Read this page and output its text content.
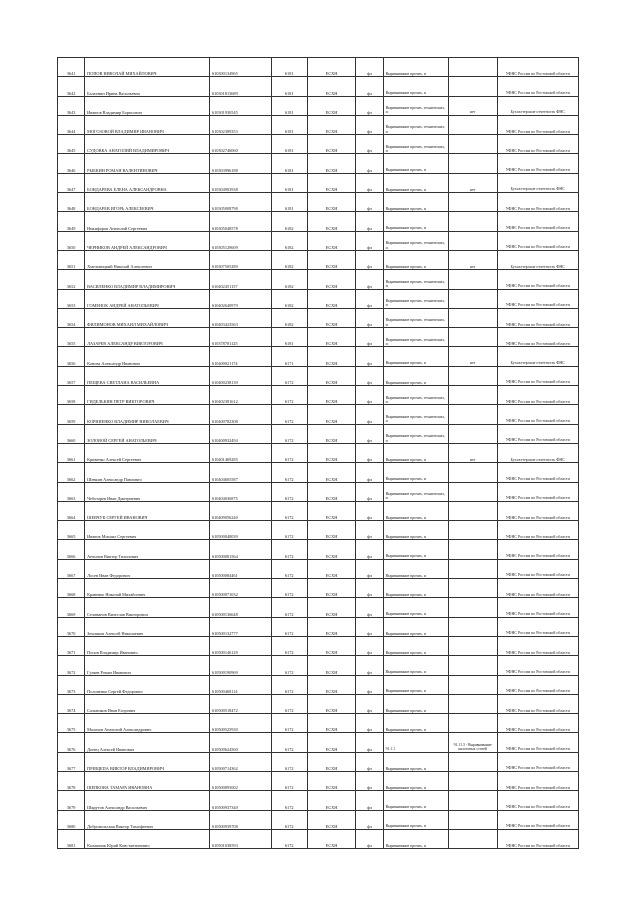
3641	ПОПОВ НИКОЛАЙ МИХАЙЛОВИЧ	610300134965	6181	ЕСХН	фл	Выравнивание прочих, и		УФНС России по Ростовской области
3642	Балахнин Ирина Васильевна	610301813689	6181	ЕСХН	фл	Выравнивание прочих, и		УФНС России по Ростовской области
3643	Ивашов Владимир Борисович	610301930545	6181	ЕСХН	фл	Выравнивание прочих, технических, и	нет	Бухгалтерские отчетность ФНС
3644	МОГОЗОВОЙ ВЛАДИМИР ИВАНОВИЧ	610302389353	6181	ЕСХН	фл	Выравнивание прочих, технических, и		УФНС России по Ростовской области
3645	СУДОВКА АНАТОЛИЙ ВЛАДИМИРОВИЧ	610302746060	6181	ЕСХН	фл	Выравнивание прочих, технических, и		УФНС России по Ростовской области
3646	РЫБКИН РОМАН ВАЛЕНТИНОВИЧ	610303996188	6181	ЕСХН	фл	Выравнивание прочих, и		УФНС России по Ростовской области
3647	БОНДАРЕВА ЕЛЕНА АЛЕКСАНДРОВНА	610304903938	6181	ЕСХН	фл	Выравнивание прочих, и	нет	Бухгалтерские отчетность ФНС
3648	БОНДАРЕВ ИГОРЬ АЛЕКСЕЕВИЧ	610305008798	6181	ЕСХН	фл	Выравнивание прочих, и		УФНС России по Ростовской области
3649	Никифоров Анатолий Сергеевич	610305048578	6182	ЕСХН	фл	Выравнивание прочих, и		УФНС России по Ростовской области
3650	ЧЕРНИКОВ АНДРЕЙ АЛЕКСАНДРОВИЧ	610305129609	6182	ЕСХН	фл	Выравнивание прочих, технических, и		УФНС России по Ростовской области
3651	Хмельницкий Николай Алексеевич	610307505289	6182	ЕСХН	фл	Выравнивание прочих, и	нет	Бухгалтерские отчетность ФНС
3652	ВАСИЛЕНКО ВЛАДИМИР ВЛАДИМИРОВИЧ	610402451157	6182	ЕСХН	фл	Выравнивание прочих, технических, и		УФНС России по Ростовской области
3653	ГОМЕНОК АНДРЕЙ АНАТОЛЬЕВИЧ	610402640979	6182	ЕСХН	фл	Выравнивание прочих, технических, и		УФНС России по Ростовской области
3654	ФИЛИМОНОВ МИХАИЛ МИХАЙЛОВИЧ	610403423563	6182	ЕСХН	фл	Выравнивание прочих, технических, и		УФНС России по Ростовской области
3655	ЛАЗАРЕВ АЛЕКСАНДР ВИКТОРОВИЧ	610378701125	6181	ЕСХН	фл	Выравнивание прочих, технических, и		УФНС России по Ростовской области
3656	Конова Александр Иванович	610400021174	6171	ЕСХН	фл	Выравнивание прочих, и	нет	Бухгалтерские отчетность ФНС
3657	ПЕЩЕВА СВЕТЛАНА ВАСИЛЬЕВНА	610400238139	6172	ЕСХН	фл	Выравнивание прочих, и		УФНС России по Ростовской области
3658	ГИДЕЛЬКИН ПЕТР ВИКТОРОВИЧ	610402381612	6172	ЕСХН	фл	Выравнивание прочих, технических, и		УФНС России по Ростовской области
3659	КОРНИЕНКО ВЛАДИМИР НИКОЛАЕВИЧ	610400782308	6172	ЕСХН	фл	Выравнивание прочих, технических, и		УФНС России по Ростовской области
3660	ЗОЛОВОЙ СЕРГЕЙ АНАТОЛЬЕВИЧ	610400932494	6172	ЕСХН	фл	Выравнивание прочих, технических, и		УФНС России по Ростовской области
3661	Кривенко Алексей Сергеевич	610401469285	6172	ЕСХН	фл	Выравнивание прочих, и	нет	Бухгалтерские отчетность ФНС
3662	Шевкин Александр Павлович	610404605587	6172	ЕСХН	фл	Выравнивание прочих, и		УФНС России по Ростовской области
3663	Чеботарев Иван Дмитриевич	610404036875	6172	ЕСХН	фл	Выравнивание прочих, технических, и		УФНС России по Ростовской области
3664	ШЕВЧУК СЕРГЕЙ ИВАНОВИЧ	610409056240	6172	ЕСХН	фл	Выравнивание прочих, и		УФНС России по Ростовской области
3665	Иванов Михаил Сергеевич	610500048039	6172	ЕСХН	фл	Выравнивание прочих, и		УФНС России по Ростовской области
3666	Антонов Виктор Тихонович	610500081564	6172	ЕСХН	фл	Выравнивание прочих, и		УФНС России по Ростовской области
3667	Лосев Иван Федорович	610500084461	6172	ЕСХН	фл	Выравнивание прочих, и		УФНС России по Ростовской области
3668	Кравенко Николай Михайлович	610500071032	6172	ЕСХН	фл	Выравнивание прочих, и		УФНС России по Ростовской области
3669	Селиванов Вячеслав Викторович	610500136648	6172	ЕСХН	фл	Выравнивание прочих, и		УФНС России по Ростовской области
3670	Земляков Алексей Николаевич	610500132777	6172	ЕСХН	фл	Выравнивание прочих, и		УФНС России по Ростовской области
3671	Попов Владимир Иванович	610500146129	6172	ЕСХН	фл	Выравнивание прочих, и		УФНС России по Ростовской области
3672	Гуляев Роман Иванович	610500190969	6172	ЕСХН	фл	Выравнивание прочих, и		УФНС России по Ростовской области
3673	Полоненко Сергей Федорович	610500468114	6172	ЕСХН	фл	Выравнивание прочих, и		УФНС России по Ростовской области
3674	Сальников Иван Егорович	610500518472	6172	ЕСХН	фл	Выравнивание прочих, и		УФНС России по Ростовской области
3675	Малахов Анатолий Александрович	610500525930	6172	ЕСХН	фл	Выравнивание прочих, и		УФНС России по Ростовской области
3676	Донец Алексей Иванович	610500624560	6172	ЕСХН	фл	91.1.1	91.11.3 - Выравнивание налоговых статей	УФНС России по Ростовской области
3677	ПРИЩЕПА ВИКТОР ВЛАДИМИРОВИЧ	610500714362	6172	ЕСХН	фл	Выравнивание прочих, и		УФНС России по Ростовской области
3678	ШЕПКОВА ТАМАРА ИВАНОВНА	610500895002	6172	ЕСХН	фл	Выравнивание прочих, и		УФНС России по Ростовской области
3679	Шкрутов Александр Васильевич	610500937340	6172	ЕСХН	фл	Выравнивание прочих, и		УФНС России по Ростовской области
3680	Добровольская Виктор Тимофеевич	610500939708	6172	ЕСХН	фл	Выравнивание прочих, и		УФНС России по Ростовской области
3681	Калашник Юрий Константинович	610501038593	6172	ЕСХН	фл	Выравнивание прочих, и		УФНС России по Ростовской области
